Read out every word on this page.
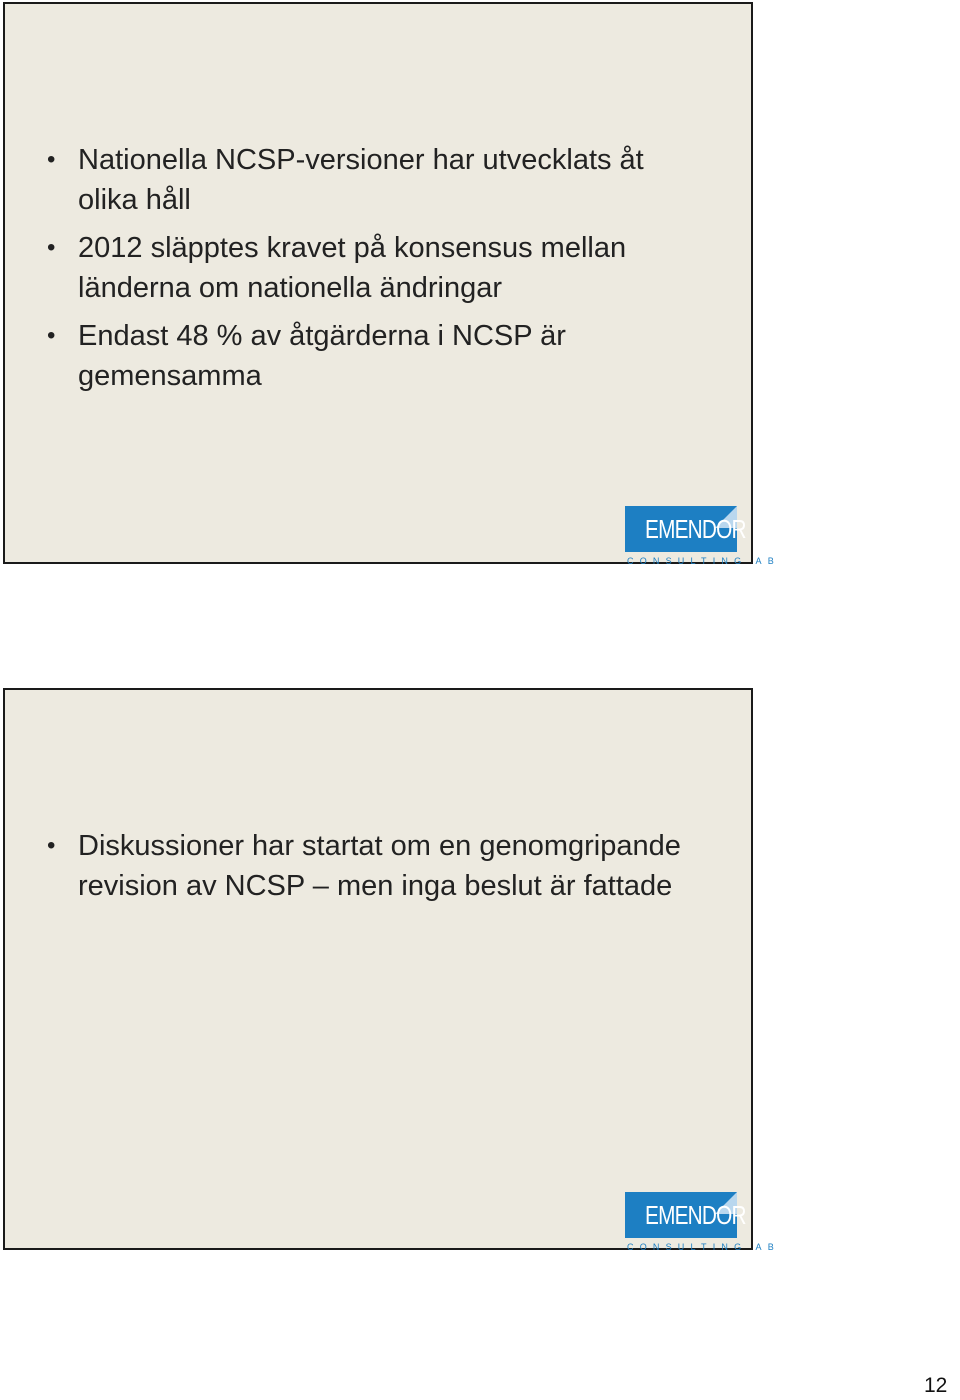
• Nationella NCSP-versioner har utvecklats åt olika håll
• 2012 släpptes kravet på konsensus mellan länderna om nationella ändringar
• Endast 48 % av åtgärderna i NCSP är gemensamma
EMENDOR
CONSULTING AB
• Diskussioner har startat om en genomgripande revision av NCSP – men inga beslut är fattade
EMENDOR
CONSULTING AB
12
